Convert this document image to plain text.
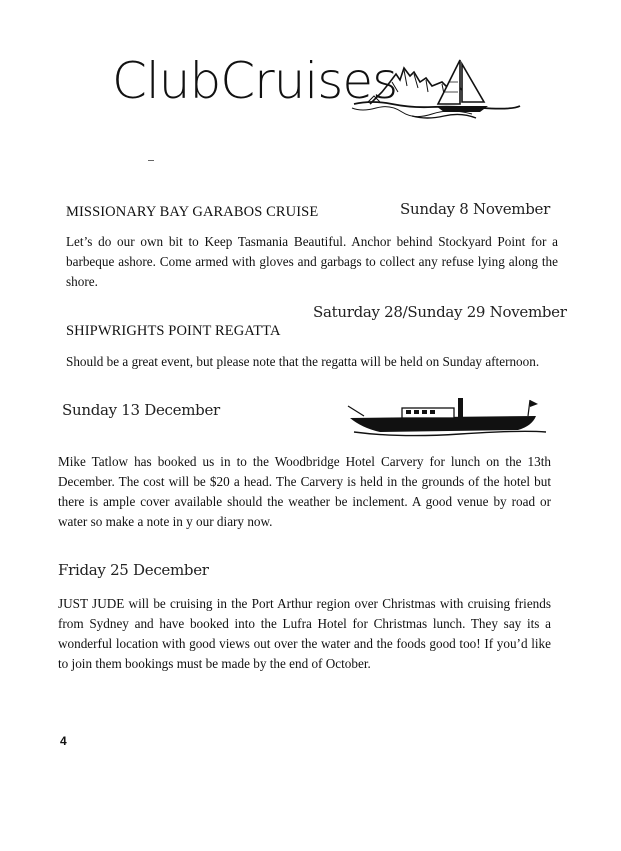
ClubCruises
MISSIONARY BAY GARABOS CRUISE	Sunday 8 November
Let’s do our own bit to Keep Tasmania Beautiful. Anchor behind Stockyard Point for a barbeque ashore. Come armed with gloves and garbags to collect any refuse lying along the shore.
Saturday 28/Sunday 29 November
SHIPWRIGHTS POINT REGATTA
Should be a great event, but please note that the regatta will be held on Sunday afternoon.
Sunday 13 December
Mike Tatlow has booked us in to the Woodbridge Hotel Carvery for lunch on the 13th December. The cost will be $20 a head. The Carvery is held in the grounds of the hotel but there is ample cover available should the weather be inclement. A good venue by road or water so make a note in y our diary now.
Friday 25 December
JUST JUDE will be cruising in the Port Arthur region over Christmas with cruising friends from Sydney and have booked into the Lufra Hotel for Christmas lunch. They say its a wonderful location with good views out over the water and the foods good too! If you’d like to join them bookings must be made by the end of October.
4
